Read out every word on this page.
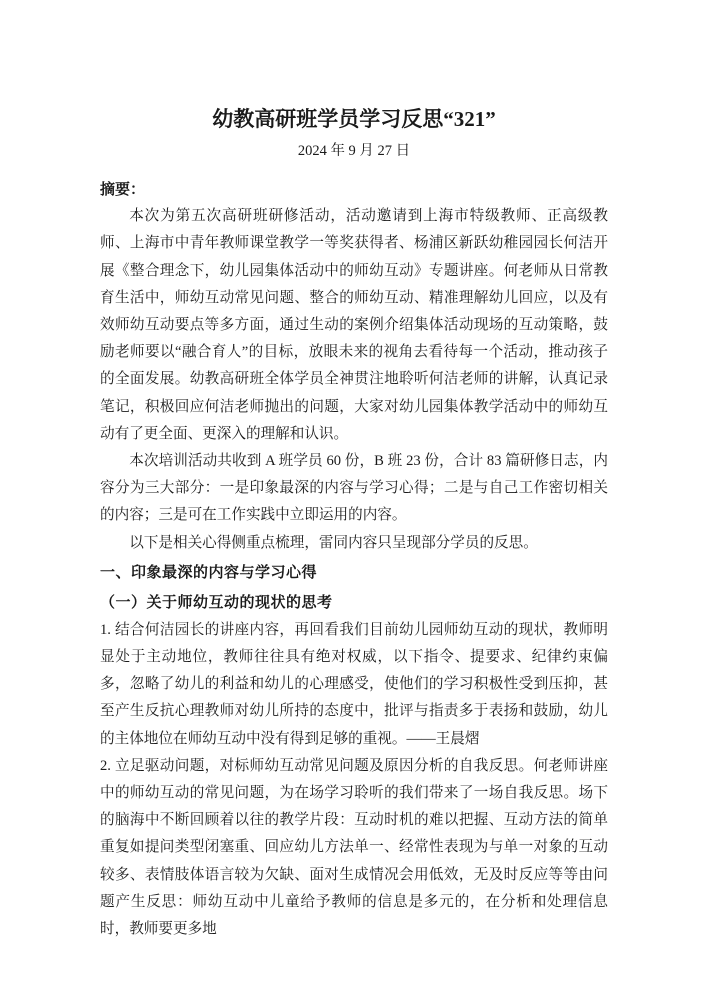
幼教高研班学员学习反思“321”
2024 年 9 月 27 日
摘要：

本次为第五次高研班研修活动，活动邀请到上海市特级教师、正高级教师、上海市中青年教师课堂教学一等奖获得者、杨浦区新跃幼稚园园长何洁开展《整合理念下，幼儿园集体活动中的师幼互动》专题讲座。何老师从日常教育生活中，师幼互动常见问题、整合的师幼互动、精准理解幼儿回应，以及有效师幼互动要点等多方面，通过生动的案例介绍集体活动现场的互动策略，鼓励老师要以“融合育人”的目标，放眼未来的视角去看待每一个活动，推动孩子的全面发展。幼教高研班全体学员全神贯注地聆听何洁老师的讲解，认真记录笔记，积极回应何洁老师抛出的问题，大家对幼儿园集体教学活动中的师幼互动有了更全面、更深入的理解和认识。

本次培训活动共收到 A 班学员 60 份，B 班 23 份，合计 83 篇研修日志，内容分为三大部分：一是印象最深的内容与学习心得；二是与自己工作密切相关的内容；三是可在工作实践中立即运用的内容。

以下是相关心得侧重点梳理，雷同内容只呈现部分学员的反思。

一、印象最深的内容与学习心得
（一）关于师幼互动的现状的思考

1. 结合何洁园长的讲座内容，再回看我们目前幼儿园师幼互动的现状，教师明显处于主动地位，教师往往具有绝对权威，以下指令、提要求、纪律约束偏多，忽略了幼儿的利益和幼儿的心理感受，使他们的学习积极性受到压抑，甚至产生反抗心理教师对幼儿所持的态度中，批评与指责多于表扬和鼓励，幼儿的主体地位在师幼互动中没有得到足够的重视。——王晨熠

2. 立足驱动问题，对标师幼互动常见问题及原因分析的自我反思。何老师讲座中的师幼互动的常见问题，为在场学习聆听的我们带来了一场自我反思。场下的脑海中不断回顾着以往的教学片段：互动时机的难以把握、互动方法的简单重复如提问类型闭塞重、回应幼儿方法单一、经常性表现为与单一对象的互动较多、表情肢体语言较为欠缺、面对生成情况会用低效，无及时反应等等由问题产生反思：师幼互动中儿童给予教师的信息是多元的，在分析和处理信息时，教师要更多地
